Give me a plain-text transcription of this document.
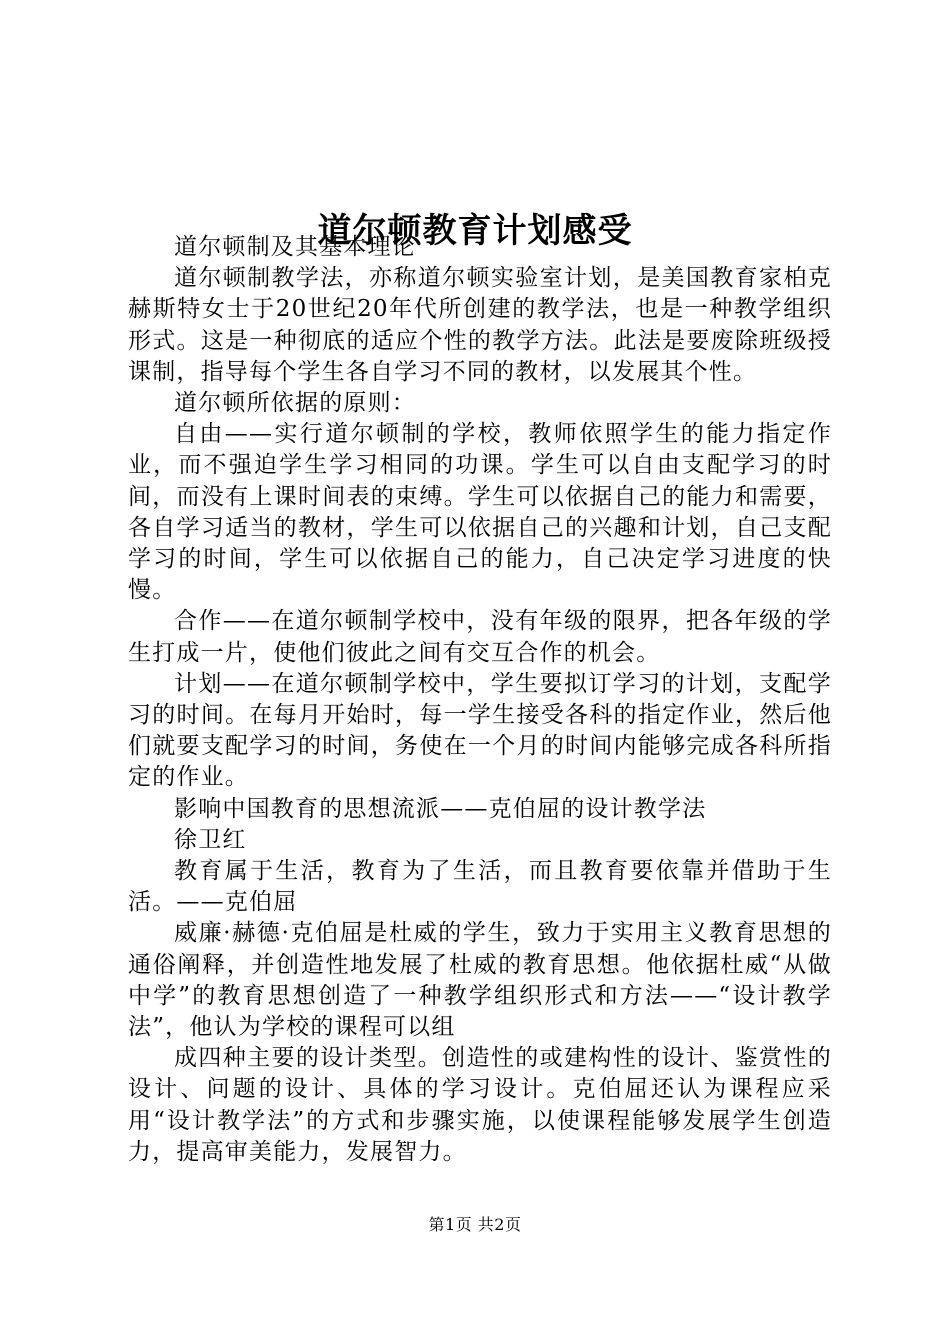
道尔顿教育计划感受

道尔顿制及其基本理论

道尔顿制教学法，亦称道尔顿实验室计划，是美国教育家柏克赫斯特女士于20世纪20年代所创建的教学法，也是一种教学组织形式。这是一种彻底的适应个性的教学方法。此法是要废除班级授课制，指导每个学生各自学习不同的教材，以发展其个性。

道尔顿所依据的原则：

自由——实行道尔顿制的学校，教师依照学生的能力指定作业，而不强迫学生学习相同的功课。学生可以自由支配学习的时间，而没有上课时间表的束缚。学生可以依据自己的能力和需要，各自学习适当的教材，学生可以依据自己的兴趣和计划，自己支配学习的时间，学生可以依据自己的能力，自己决定学习进度的快慢。

合作——在道尔顿制学校中，没有年级的限界，把各年级的学生打成一片，使他们彼此之间有交互合作的机会。

计划——在道尔顿制学校中，学生要拟订学习的计划，支配学习的时间。在每月开始时，每一学生接受各科的指定作业，然后他们就要支配学习的时间，务使在一个月的时间内能够完成各科所指定的作业。

影响中国教育的思想流派——克伯屈的设计教学法

徐卫红

教育属于生活，教育为了生活，而且教育要依靠并借助于生活。——克伯屈

威廉·赫德·克伯屈是杜威的学生，致力于实用主义教育思想的通俗阐释，并创造性地发展了杜威的教育思想。他依据杜威“从做中学”的教育思想创造了一种教学组织形式和方法——“设计教学法”，他认为学校的课程可以组

成四种主要的设计类型。创造性的或建构性的设计、鉴赏性的设计、问题的设计、具体的学习设计。克伯屈还认为课程应采用“设计教学法”的方式和步骤实施，以使课程能够发展学生创造力，提高审美能力，发展智力。

第1页 共2页
